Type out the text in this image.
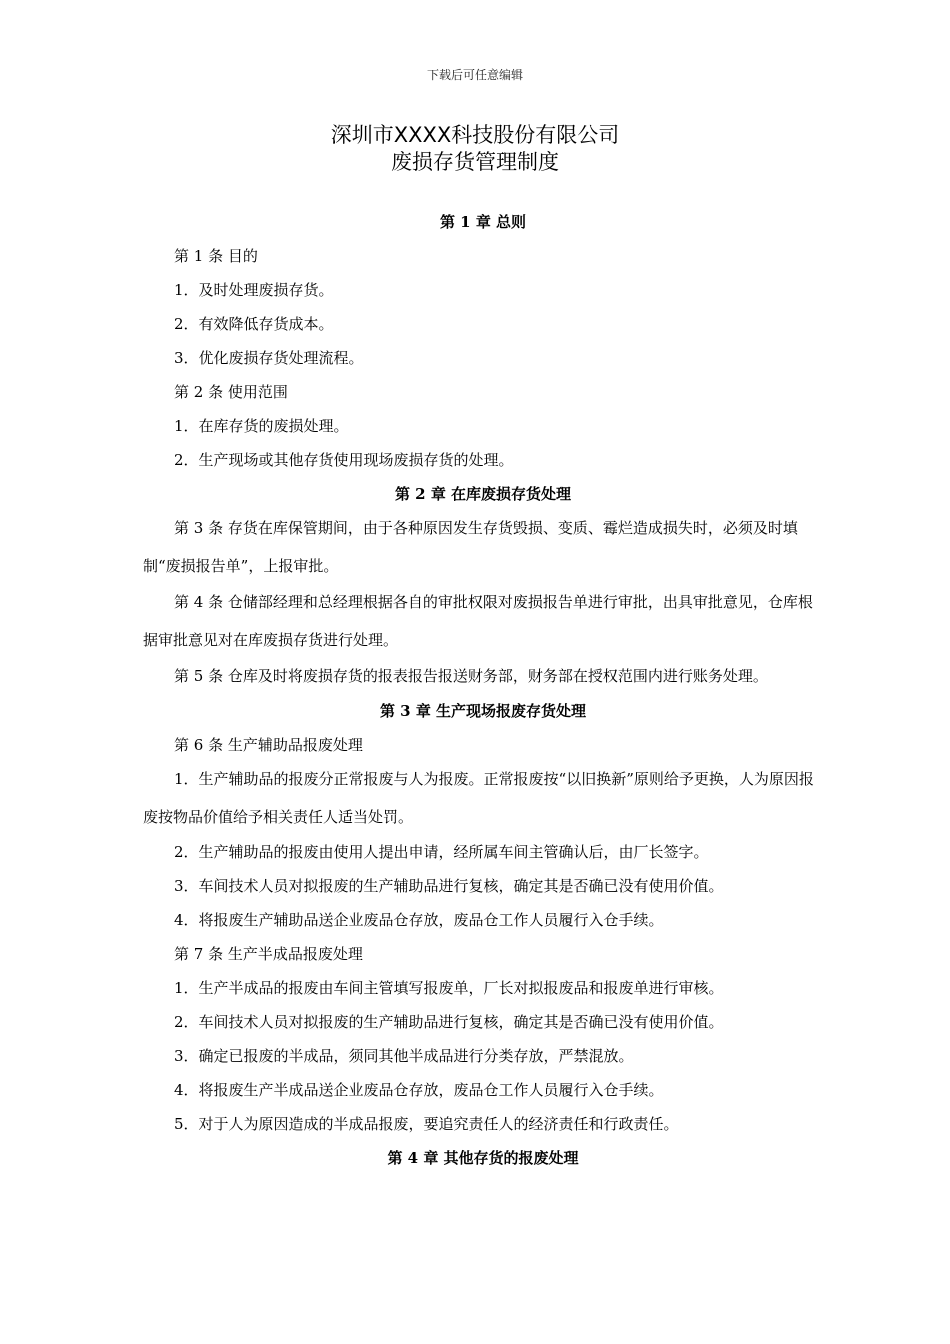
下载后可任意编辑
深圳市XXXX科技股份有限公司
废损存货管理制度
第 1 章 总则
第 1 条 目的
1．及时处理废损存货。
2．有效降低存货成本。
3．优化废损存货处理流程。
第 2 条 使用范围
1．在库存货的废损处理。
2．生产现场或其他存货使用现场废损存货的处理。
第 2 章 在库废损存货处理
第 3 条 存货在库保管期间，由于各种原因发生存货毁损、变质、霉烂造成损失时，必须及时填制“废损报告单”，上报审批。
第 4 条 仓储部经理和总经理根据各自的审批权限对废损报告单进行审批，出具审批意见，仓库根据审批意见对在库废损存货进行处理。
第 5 条 仓库及时将废损存货的报表报告报送财务部，财务部在授权范围内进行账务处理。
第 3 章 生产现场报废存货处理
第 6 条 生产辅助品报废处理
1．生产辅助品的报废分正常报废与人为报废。正常报废按“以旧换新”原则给予更换，人为原因报废按物品价值给予相关责任人适当处罚。
2．生产辅助品的报废由使用人提出申请，经所属车间主管确认后，由厂长签字。
3．车间技术人员对拟报废的生产辅助品进行复核，确定其是否确已没有使用价值。
4．将报废生产辅助品送企业废品仓存放，废品仓工作人员履行入仓手续。
第 7 条 生产半成品报废处理
1．生产半成品的报废由车间主管填写报废单，厂长对拟报废品和报废单进行审核。
2．车间技术人员对拟报废的生产辅助品进行复核，确定其是否确已没有使用价值。
3．确定已报废的半成品，须同其他半成品进行分类存放，严禁混放。
4．将报废生产半成品送企业废品仓存放，废品仓工作人员履行入仓手续。
5．对于人为原因造成的半成品报废，要追究责任人的经济责任和行政责任。
第 4 章 其他存货的报废处理
